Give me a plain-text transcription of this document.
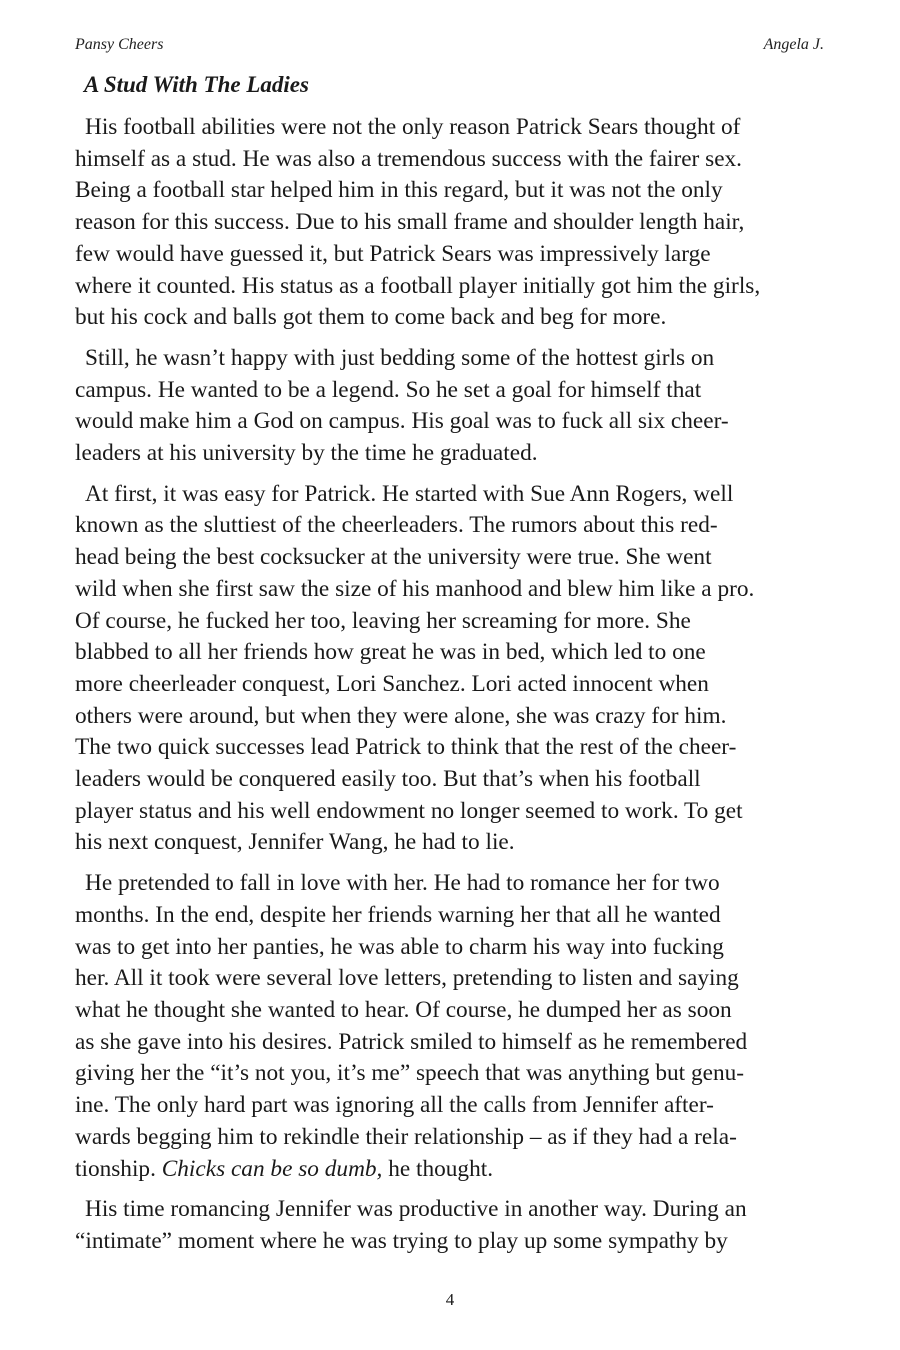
Pansy Cheers	Angela J.
A Stud With The Ladies

His football abilities were not the only reason Patrick Sears thought of
himself as a stud. He was also a tremendous success with the fairer sex.
Being a football star helped him in this regard, but it was not the only
reason for this success. Due to his small frame and shoulder length hair,
few would have guessed it, but Patrick Sears was impressively large
where it counted. His status as a football player initially got him the girls,
but his cock and balls got them to come back and beg for more.

Still, he wasn’t happy with just bedding some of the hottest girls on
campus. He wanted to be a legend. So he set a goal for himself that
would make him a God on campus. His goal was to fuck all six cheer-
leaders at his university by the time he graduated.

At first, it was easy for Patrick. He started with Sue Ann Rogers, well
known as the sluttiest of the cheerleaders. The rumors about this red-
head being the best cocksucker at the university were true. She went
wild when she first saw the size of his manhood and blew him like a pro.
Of course, he fucked her too, leaving her screaming for more. She
blabbed to all her friends how great he was in bed, which led to one
more cheerleader conquest, Lori Sanchez. Lori acted innocent when
others were around, but when they were alone, she was crazy for him.
The two quick successes lead Patrick to think that the rest of the cheer-
leaders would be conquered easily too. But that’s when his football
player status and his well endowment no longer seemed to work. To get
his next conquest, Jennifer Wang, he had to lie.

He pretended to fall in love with her. He had to romance her for two
months. In the end, despite her friends warning her that all he wanted
was to get into her panties, he was able to charm his way into fucking
her. All it took were several love letters, pretending to listen and saying
what he thought she wanted to hear. Of course, he dumped her as soon
as she gave into his desires. Patrick smiled to himself as he remembered
giving her the “it’s not you, it’s me” speech that was anything but genu-
ine. The only hard part was ignoring all the calls from Jennifer after-
wards begging him to rekindle their relationship – as if they had a rela-
tionship. Chicks can be so dumb, he thought.

His time romancing Jennifer was productive in another way. During an
“intimate” moment where he was trying to play up some sympathy by

4
